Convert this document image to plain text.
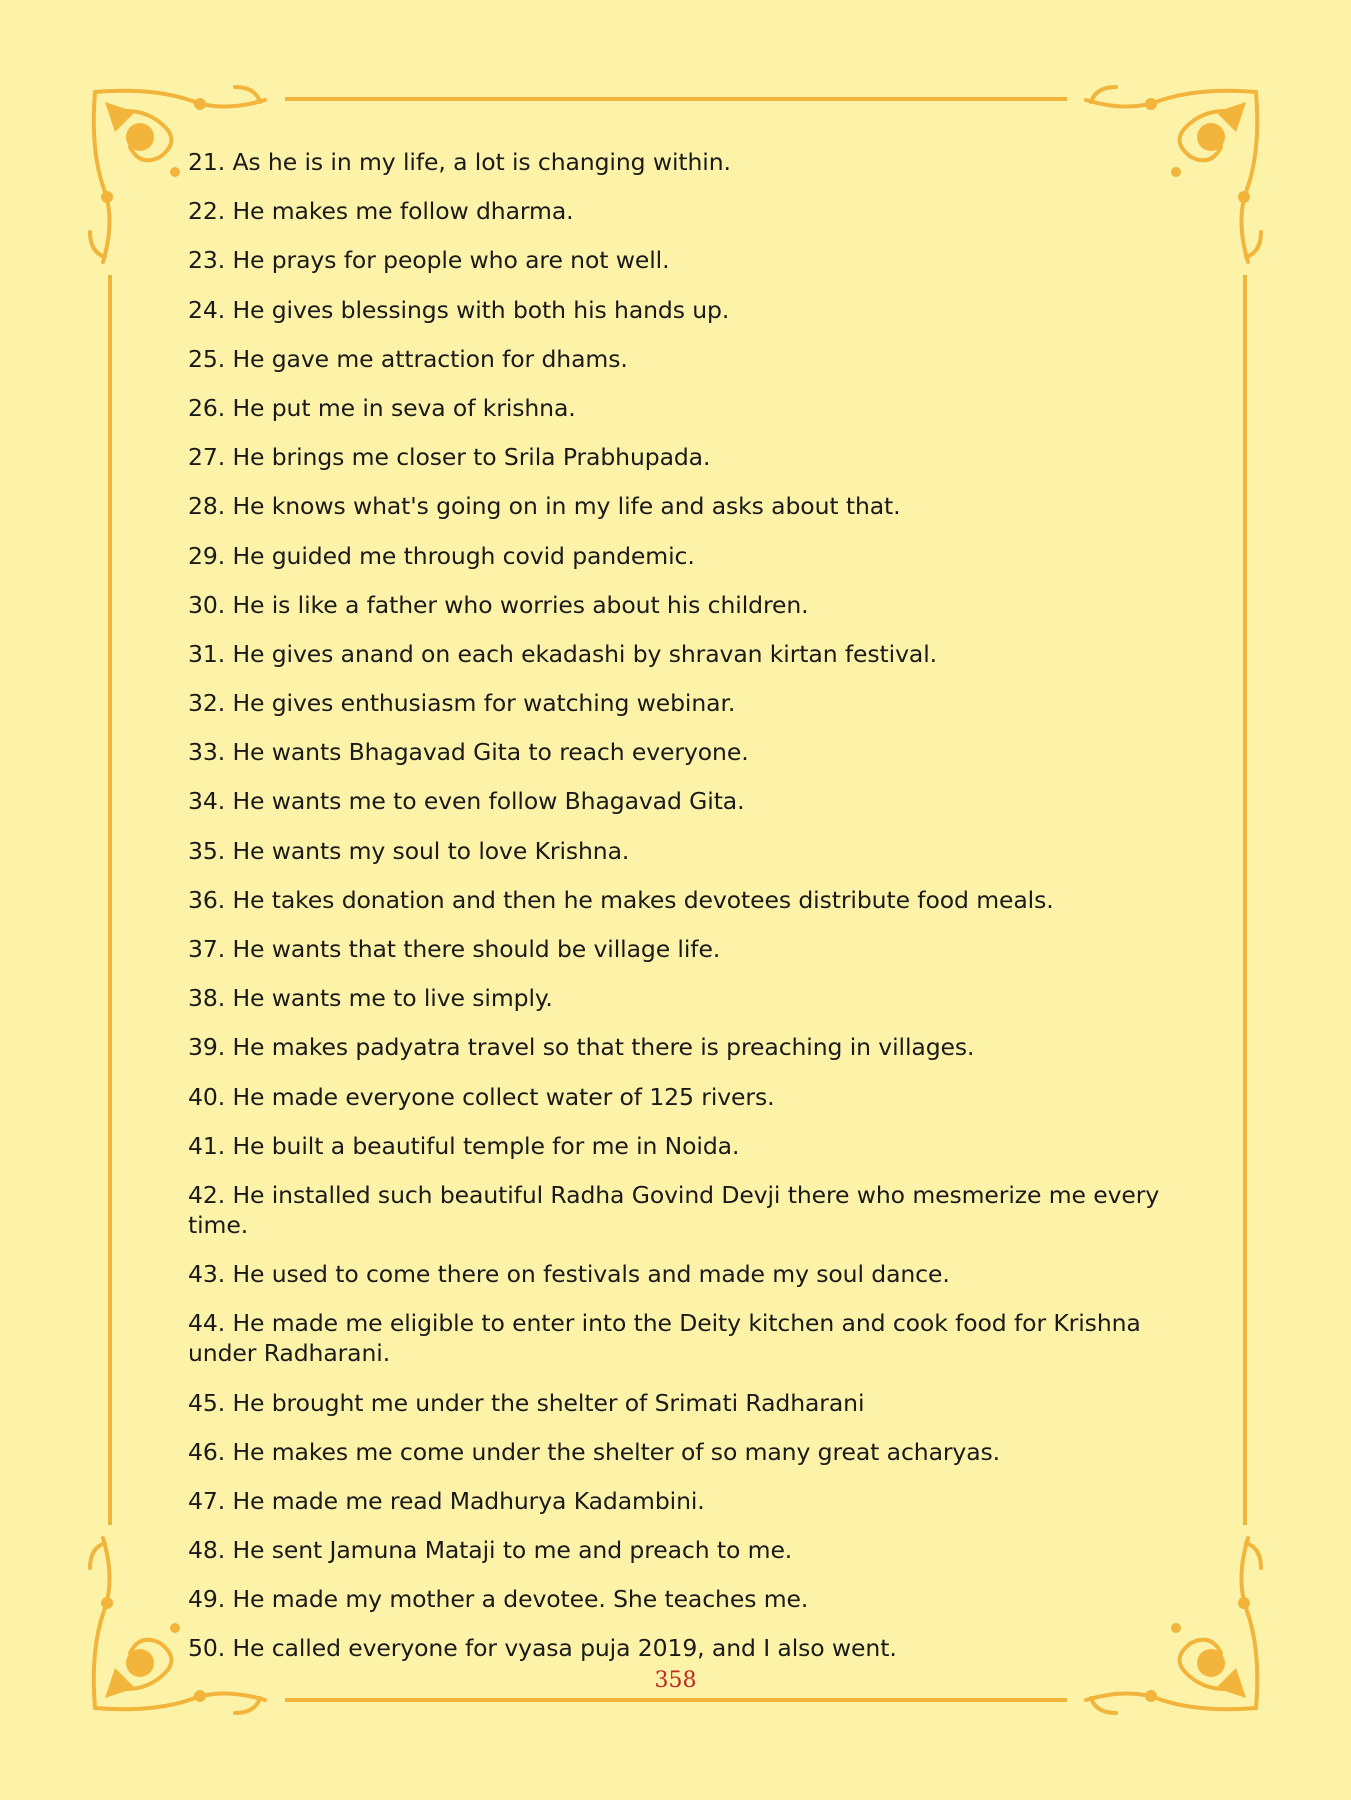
21. As he is in my life, a lot is changing within.
22. He makes me follow dharma.
23. He prays for people who are not well.
24. He gives blessings with both his hands up.
25. He gave me attraction for dhams.
26. He put me in seva of krishna.
27. He brings me closer to Srila Prabhupada.
28. He knows what's going on in my life and asks about that.
29. He guided me through covid pandemic.
30. He is like a father who worries about his children.
31. He gives anand on each ekadashi by shravan kirtan festival.
32. He gives enthusiasm for watching webinar.
33. He wants Bhagavad Gita to reach everyone.
34. He wants me to even follow Bhagavad Gita.
35. He wants my soul to love Krishna.
36. He takes donation and then he makes devotees distribute food meals.
37. He wants that there should be village life.
38. He wants me to live simply.
39. He makes padyatra travel so that there is preaching in villages.
40. He made everyone collect water of 125 rivers.
41. He built a beautiful temple for me in Noida.
42. He installed such beautiful Radha Govind Devji there who mesmerize me every time.
43. He used to come there on festivals and made my soul dance.
44. He made me eligible to enter into the Deity kitchen and cook food for Krishna under Radharani.
45. He brought me under the shelter of Srimati Radharani
46. He makes me come under the shelter of so many great acharyas.
47. He made me read Madhurya Kadambini.
48. He sent Jamuna Mataji to me and preach to me.
49. He made my mother a devotee. She teaches me.
50. He called everyone for vyasa puja 2019, and I also went.
358
